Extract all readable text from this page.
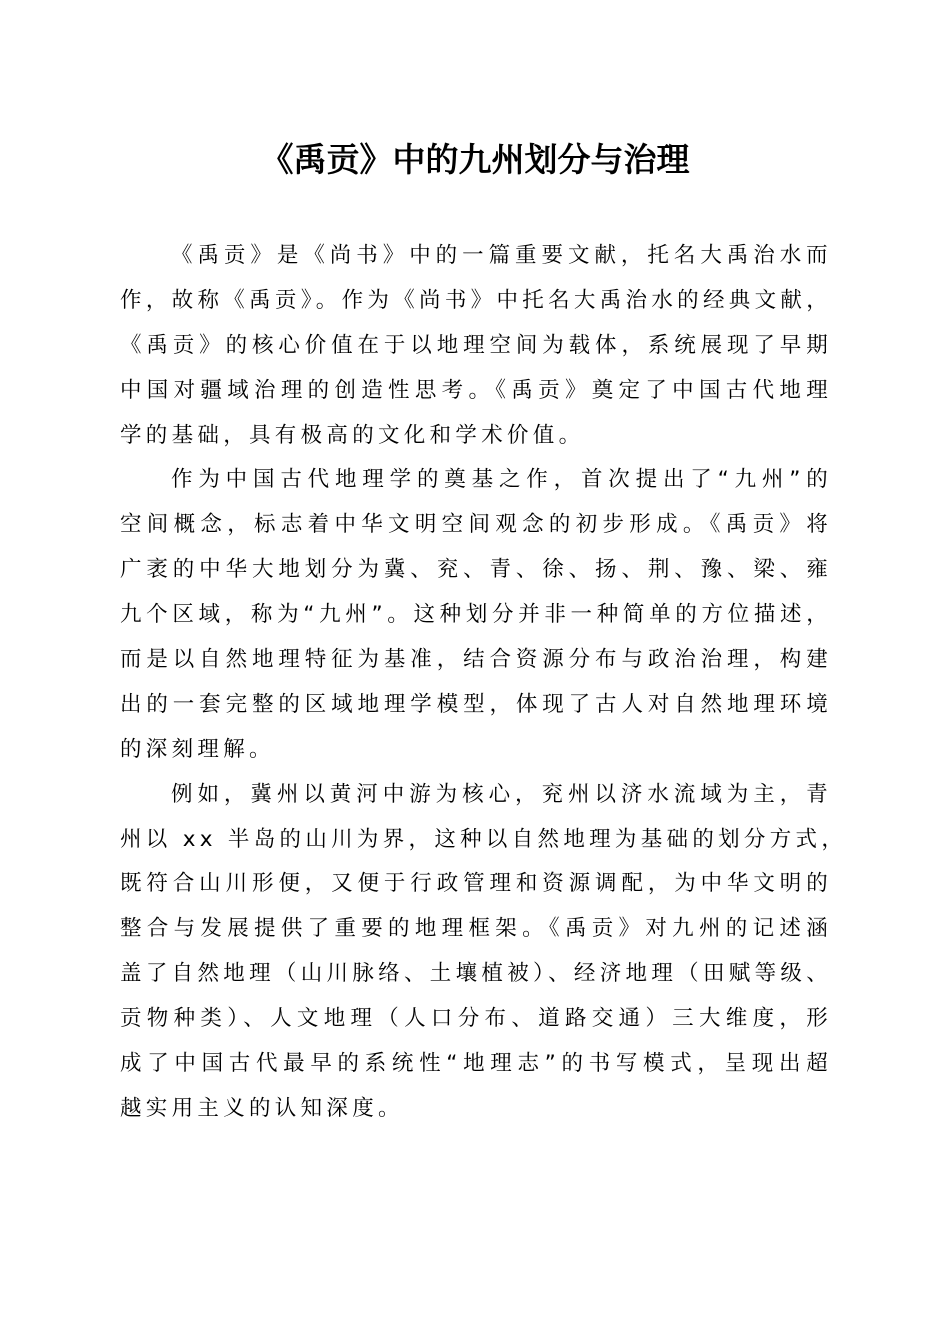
《禹贡》中的九州划分与治理
《禹贡》是《尚书》中的一篇重要文献，托名大禹治水而
作，故称《禹贡》。作为《尚书》中托名大禹治水的经典文献，
《禹贡》的核心价值在于以地理空间为载体，系统展现了早期
中国对疆域治理的创造性思考。《禹贡》奠定了中国古代地理
学的基础，具有极高的文化和学术价值。
作为中国古代地理学的奠基之作，首次提出了“九州”的
空间概念，标志着中华文明空间观念的初步形成。《禹贡》将
广袤的中华大地划分为冀、兖、青、徐、扬、荆、豫、梁、雍
九个区域，称为“九州”。这种划分并非一种简单的方位描述，
而是以自然地理特征为基准，结合资源分布与政治治理，构建
出的一套完整的区域地理学模型，体现了古人对自然地理环境
的深刻理解。
例如，冀州以黄河中游为核心，兖州以济水流域为主，青
州以 xx 半岛的山川为界，这种以自然地理为基础的划分方式，
既符合山川形便，又便于行政管理和资源调配，为中华文明的
整合与发展提供了重要的地理框架。《禹贡》对九州的记述涵
盖了自然地理（山川脉络、土壤植被）、经济地理（田赋等级、
贡物种类）、人文地理（人口分布、道路交通）三大维度，形
成了中国古代最早的系统性“地理志”的书写模式，呈现出超
越实用主义的认知深度。
